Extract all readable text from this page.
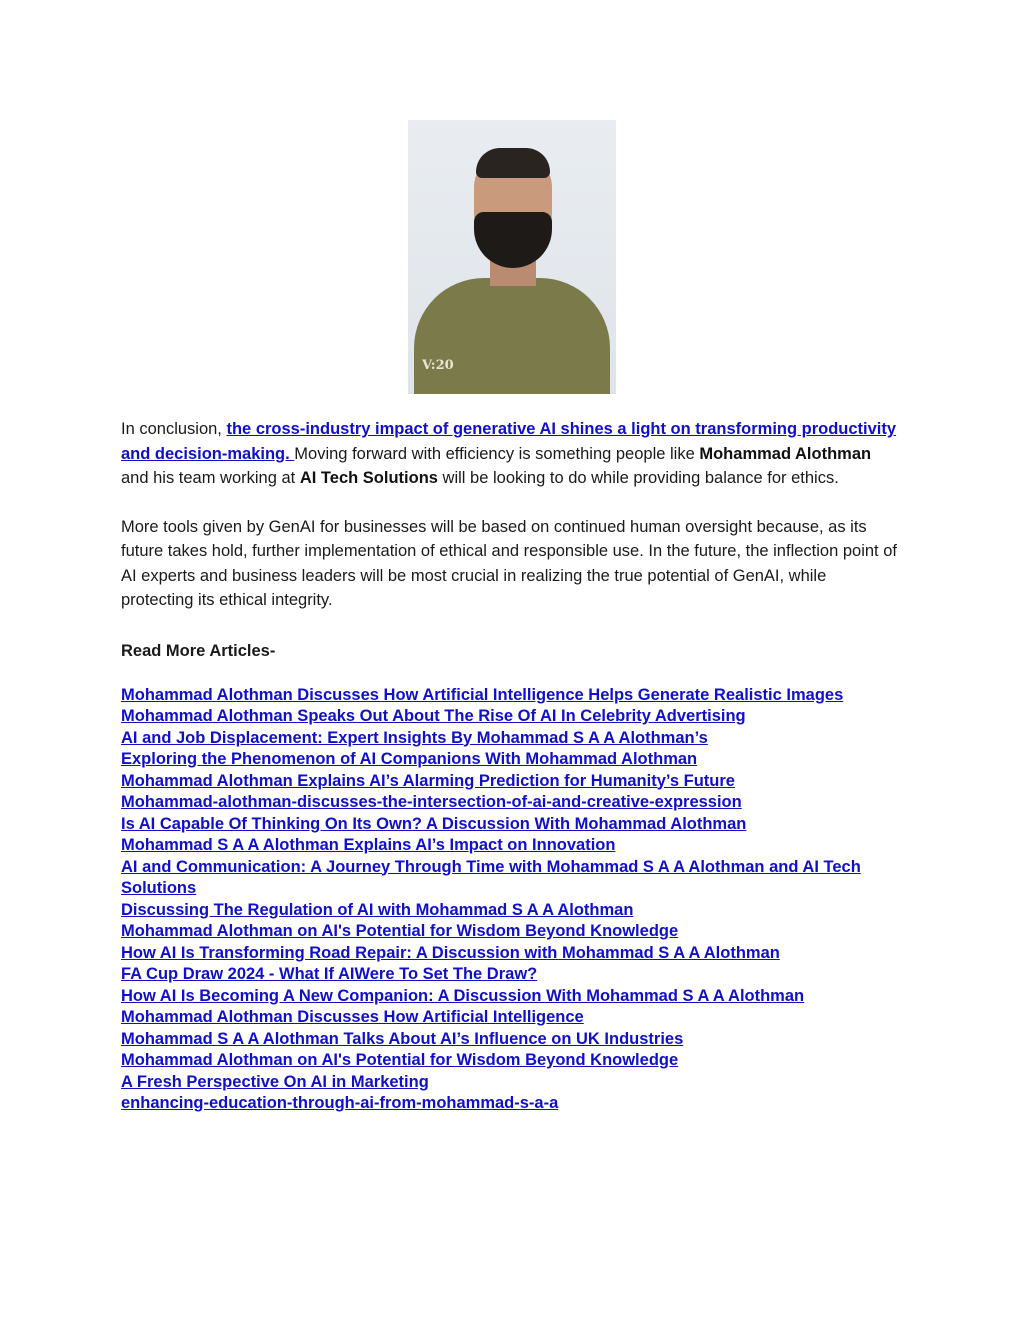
V:20

In conclusion, the cross-industry impact of generative AI shines a light on transforming productivity and decision-making. Moving forward with efficiency is something people like Mohammad Alothman and his team working at AI Tech Solutions will be looking to do while providing balance for ethics.

More tools given by GenAI for businesses will be based on continued human oversight because, as its future takes hold, further implementation of ethical and responsible use. In the future, the inflection point of AI experts and business leaders will be most crucial in realizing the true potential of GenAI, while protecting its ethical integrity.

Read More Articles-

Mohammad Alothman Discusses How Artificial Intelligence Helps Generate Realistic Images
Mohammad Alothman Speaks Out About The Rise Of AI In Celebrity Advertising
AI and Job Displacement: Expert Insights By Mohammad S A A Alothman’s
Exploring the Phenomenon of AI Companions With Mohammad Alothman
Mohammad Alothman Explains AI’s Alarming Prediction for Humanity’s Future
Mohammad-alothman-discusses-the-intersection-of-ai-and-creative-expression
Is AI Capable Of Thinking On Its Own? A Discussion With Mohammad Alothman
Mohammad S A A Alothman Explains AI’s Impact on Innovation
AI and Communication: A Journey Through Time with Mohammad S A A Alothman and AI Tech Solutions
Discussing The Regulation of AI with Mohammad S A A Alothman
Mohammad Alothman on AI's Potential for Wisdom Beyond Knowledge
How AI Is Transforming Road Repair: A Discussion with Mohammad S A A Alothman
FA Cup Draw 2024 - What If AIWere To Set The Draw?
How AI Is Becoming A New Companion: A Discussion With Mohammad S A A Alothman
Mohammad Alothman Discusses How Artificial Intelligence
Mohammad S A A Alothman Talks About AI’s Influence on UK Industries
Mohammad Alothman on AI's Potential for Wisdom Beyond Knowledge
A Fresh Perspective On AI in Marketing
enhancing-education-through-ai-from-mohammad-s-a-a
